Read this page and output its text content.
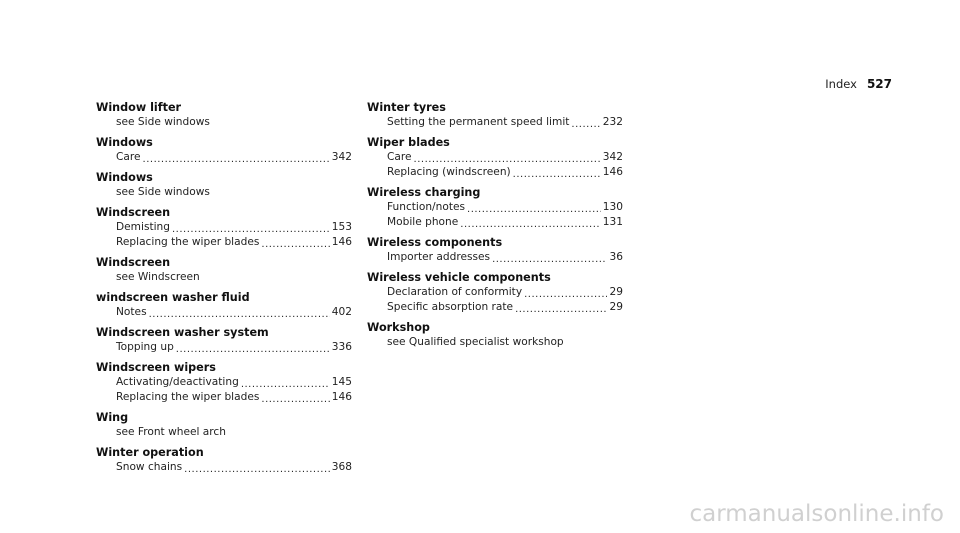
Index 527
Window lifter
see Side windows
Windows
Care .....	342
Windows
see Side windows
Windscreen
Demisting .....	153
Replacing the wiper blades .....	146
Windscreen
see Windscreen
windscreen washer fluid
Notes .....	402
Windscreen washer system
Topping up .....	336
Windscreen wipers
Activating/deactivating .....	145
Replacing the wiper blades .....	146
Wing
see Front wheel arch
Winter operation
Snow chains .....	368
Winter tyres
Setting the permanent speed limit .....	232
Wiper blades
Care .....	342
Replacing (windscreen) .....	146
Wireless charging
Function/notes .....	130
Mobile phone .....	131
Wireless components
Importer addresses .....	36
Wireless vehicle components
Declaration of conformity .....	29
Specific absorption rate .....	29
Workshop
see Qualified specialist workshop
carmanualsonline.info
